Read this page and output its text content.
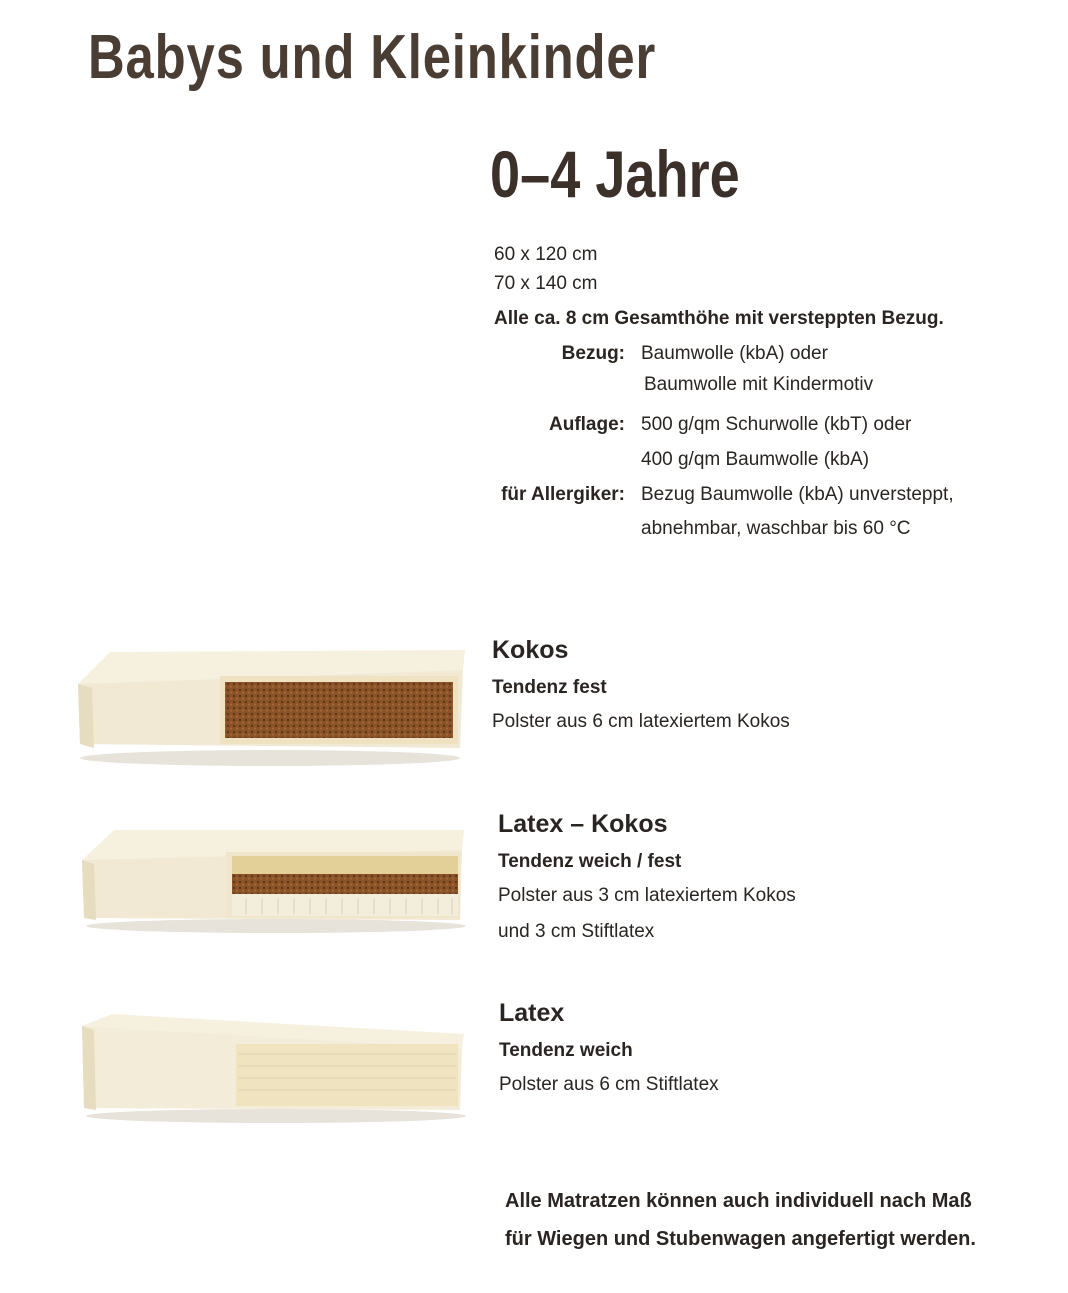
Babys und Kleinkinder
0–4 Jahre
60 x 120 cm
70 x 140 cm
Alle ca. 8 cm Gesamthöhe mit versteppten Bezug.
Bezug: Baumwolle (kbA) oder
Baumwolle mit Kindermotiv
Auflage: 500 g/qm Schurwolle (kbT) oder
400 g/qm Baumwolle (kbA)
für Allergiker: Bezug Baumwolle (kbA) unversteppt,
abnehmbar, waschbar bis 60 °C
Kokos
Tendenz fest
Polster aus 6 cm latexiertem Kokos
Latex – Kokos
Tendenz weich / fest
Polster aus 3 cm latexiertem Kokos
und 3 cm Stiftlatex
Latex
Tendenz weich
Polster aus 6 cm Stiftlatex
Alle Matratzen können auch individuell nach Maß
für Wiegen und Stubenwagen angefertigt werden.
